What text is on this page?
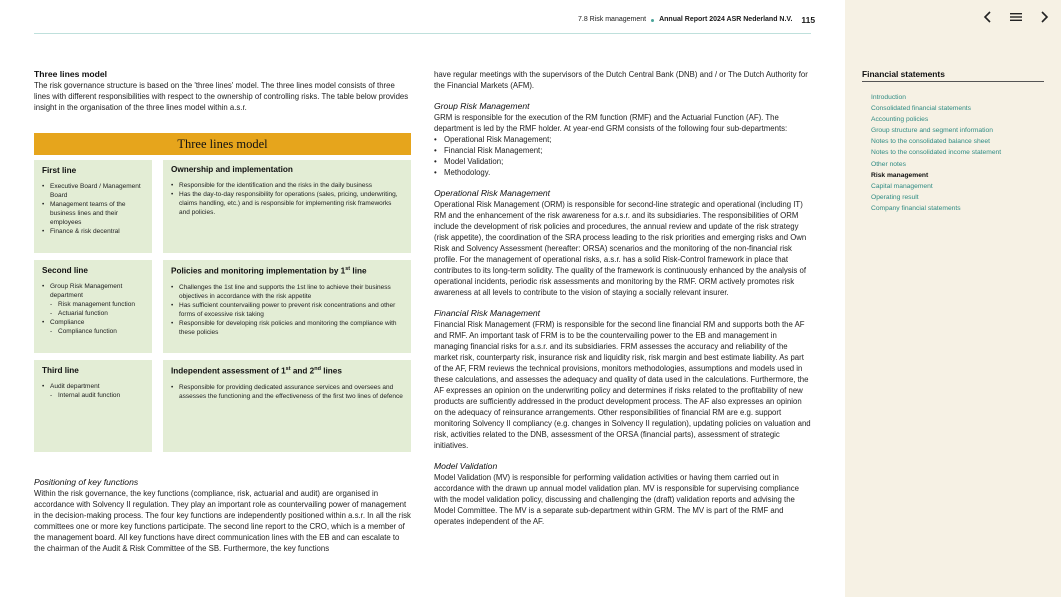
7.8 Risk management Annual Report 2024 ASR Nederland N.V. 115
Three lines model

The risk governance structure is based on the 'three lines' model. The three lines model consists of three lines with different responsibilities with respect to the ownership of controlling risks. The table below provides insight in the organisation of the three lines model within a.s.r.

Three lines model
First line
• Executive Board / Management Board
• Management teams of the business lines and their employees
• Finance & risk decentral
Ownership and implementation
• Responsible for the identification and the risks in the daily business
• Has the day-to-day responsibility for operations (sales, pricing, underwriting, claims handling, etc.) and is responsible for implementing risk frameworks and policies.
Second line
• Group Risk Management department
- Risk management function
- Actuarial function
• Compliance
- Compliance function
Policies and monitoring implementation by 1st line
• Challenges the 1st line and supports the 1st line to achieve their business objectives in accordance with the risk appetite
• Has sufficient countervailing power to prevent risk concentrations and other forms of excessive risk taking
• Responsible for developing risk policies and monitoring the compliance with these policies
Third line
• Audit department
- Internal audit function
Independent assessment of 1st and 2nd lines
• Responsible for providing dedicated assurance services and oversees and assesses the functioning and the effectiveness of the first two lines of defence
Positioning of key functions

Within the risk governance, the key functions (compliance, risk, actuarial and audit) are organised in accordance with Solvency II regulation. They play an important role as countervailing power of management in the decision-making process. The four key functions are independently positioned within a.s.r. In all the risk committees one or more key functions participate. The second line report to the CRO, which is a member of the management board. All key functions have direct communication lines with the EB and can escalate to the chairman of the Audit & Risk Committee of the SB. Furthermore, the key functions

have regular meetings with the supervisors of the Dutch Central Bank (DNB) and / or The Dutch Authority for the Financial Markets (AFM).

Group Risk Management

GRM is responsible for the execution of the RM function (RMF) and the Actuarial Function (AF). The department is led by the RMF holder. At year-end GRM consists of the following four sub-departments:

• Operational Risk Management;
• Financial Risk Management;
• Model Validation;
• Methodology.
Operational Risk Management

Operational Risk Management (ORM) is responsible for second-line strategic and operational (including IT) RM and the enhancement of the risk awareness for a.s.r. and its subsidiaries. The responsibilities of ORM include the development of risk policies and procedures, the annual review and update of the risk strategy (risk appetite), the coordination of the SRA process leading to the risk priorities and emerging risks and Own Risk and Solvency Assessment (hereafter: ORSA) scenarios and the monitoring of the non-financial risk profile. For the management of operational risks, a.s.r. has a solid Risk-Control framework in place that contributes to its long-term solidity. The quality of the framework is continuously enhanced by the analysis of operational incidents, periodic risk assessments and monitoring by the RMF. ORM actively promotes risk awareness at all levels to contribute to the vision of staying a socially relevant insurer.

Financial Risk Management

Financial Risk Management (FRM) is responsible for the second line financial RM and supports both the AF and RMF. An important task of FRM is to be the countervailing power to the EB and management in managing financial risks for a.s.r. and its subsidiaries. FRM assesses the accuracy and reliability of the market risk, counterparty risk, insurance risk and liquidity risk, risk margin and best estimate liability. As part of the AF, FRM reviews the technical provisions, monitors methodologies, assumptions and models used in these calculations, and assesses the adequacy and quality of data used in the calculations. Furthermore, the AF expresses an opinion on the underwriting policy and determines if risks related to the profitability of new products are sufficiently addressed in the product development process. The AF also expresses an opinion on the adequacy of reinsurance arrangements. Other responsibilities of financial RM are e.g. support monitoring Solvency II compliancy (e.g. changes in Solvency II regulation), updating policies on valuation and risk, activities related to the DNB, assessment of the ORSA (financial parts), assessment of strategic initiatives.

Model Validation

Model Validation (MV) is responsible for performing validation activities or having them carried out in accordance with the drawn up annual model validation plan. MV is responsible for supervising compliance with the model validation policy, discussing and challenging the (draft) validation reports and advising the Model Committee. The MV is a separate sub-department within GRM. The MV is part of the RMF and operates independent of the AF.

Financial statements
Introduction
Consolidated financial statements
Accounting policies
Group structure and segment information
Notes to the consolidated balance sheet
Notes to the consolidated income statement
Other notes
Risk management
Capital management
Operating result
Company financial statements
